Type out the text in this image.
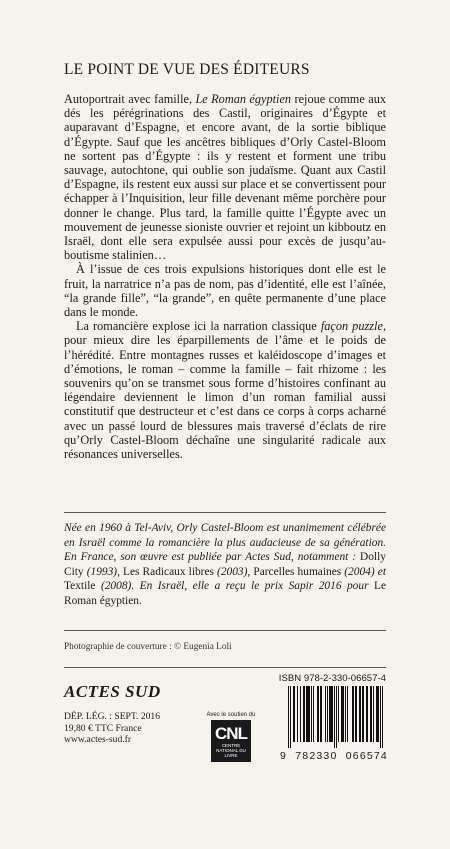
LE POINT DE VUE DES ÉDITEURS

Autoportrait avec famille, Le Roman égyptien rejoue comme aux dés les pérégrinations des Castil, originaires d’Égypte et auparavant d’Espagne, et encore avant, de la sortie biblique d’Égypte. Sauf que les ancêtres bibliques d’Orly Castel-Bloom ne sortent pas d’Égypte : ils y restent et forment une tribu sauvage, autochtone, qui oublie son judaïsme. Quant aux Castil d’Espagne, ils restent eux aussi sur place et se convertissent pour échapper à l’Inquisition, leur fille devenant même porchère pour donner le change. Plus tard, la famille quitte l’Égypte avec un mouvement de jeunesse sioniste ouvrier et rejoint un kibboutz en Israël, dont elle sera expulsée aussi pour excès de jusqu’au-boutisme stalinien…

À l’issue de ces trois expulsions historiques dont elle est le fruit, la narratrice n’a pas de nom, pas d’identité, elle est l’aînée, “la grande fille”, “la grande”, en quête permanente d’une place dans le monde.

La romancière explose ici la narration classique façon puzzle, pour mieux dire les éparpillements de l’âme et le poids de l’hérédité. Entre montagnes russes et kaléidoscope d’images et d’émotions, le roman – comme la famille – fait rhizome : les souvenirs qu’on se transmet sous forme d’histoires confinant au légendaire deviennent le limon d’un roman familial aussi constitutif que destructeur et c’est dans ce corps à corps acharné avec un passé lourd de blessures mais traversé d’éclats de rire qu’Orly Castel-Bloom déchaîne une singularité radicale aux résonances universelles.

Née en 1960 à Tel-Aviv, Orly Castel-Bloom est unanimement célébrée en Israël comme la romancière la plus audacieuse de sa génération. En France, son œuvre est publiée par Actes Sud, notamment : Dolly City (1993), Les Radicaux libres (2003), Parcelles humaines (2004) et Textile (2008). En Israël, elle a reçu le prix Sapir 2016 pour Le Roman égyptien.

Photographie de couverture : © Eugenia Loli
ISBN 978-2-330-06657-4
ACTES SUD
DÉP. LÉG. : SEPT. 2016
19,80 € TTC France
www.actes-sud.fr
Avec le soutien du
CNL
CENTRE NATIONAL DU LIVRE	9 782330 066574
